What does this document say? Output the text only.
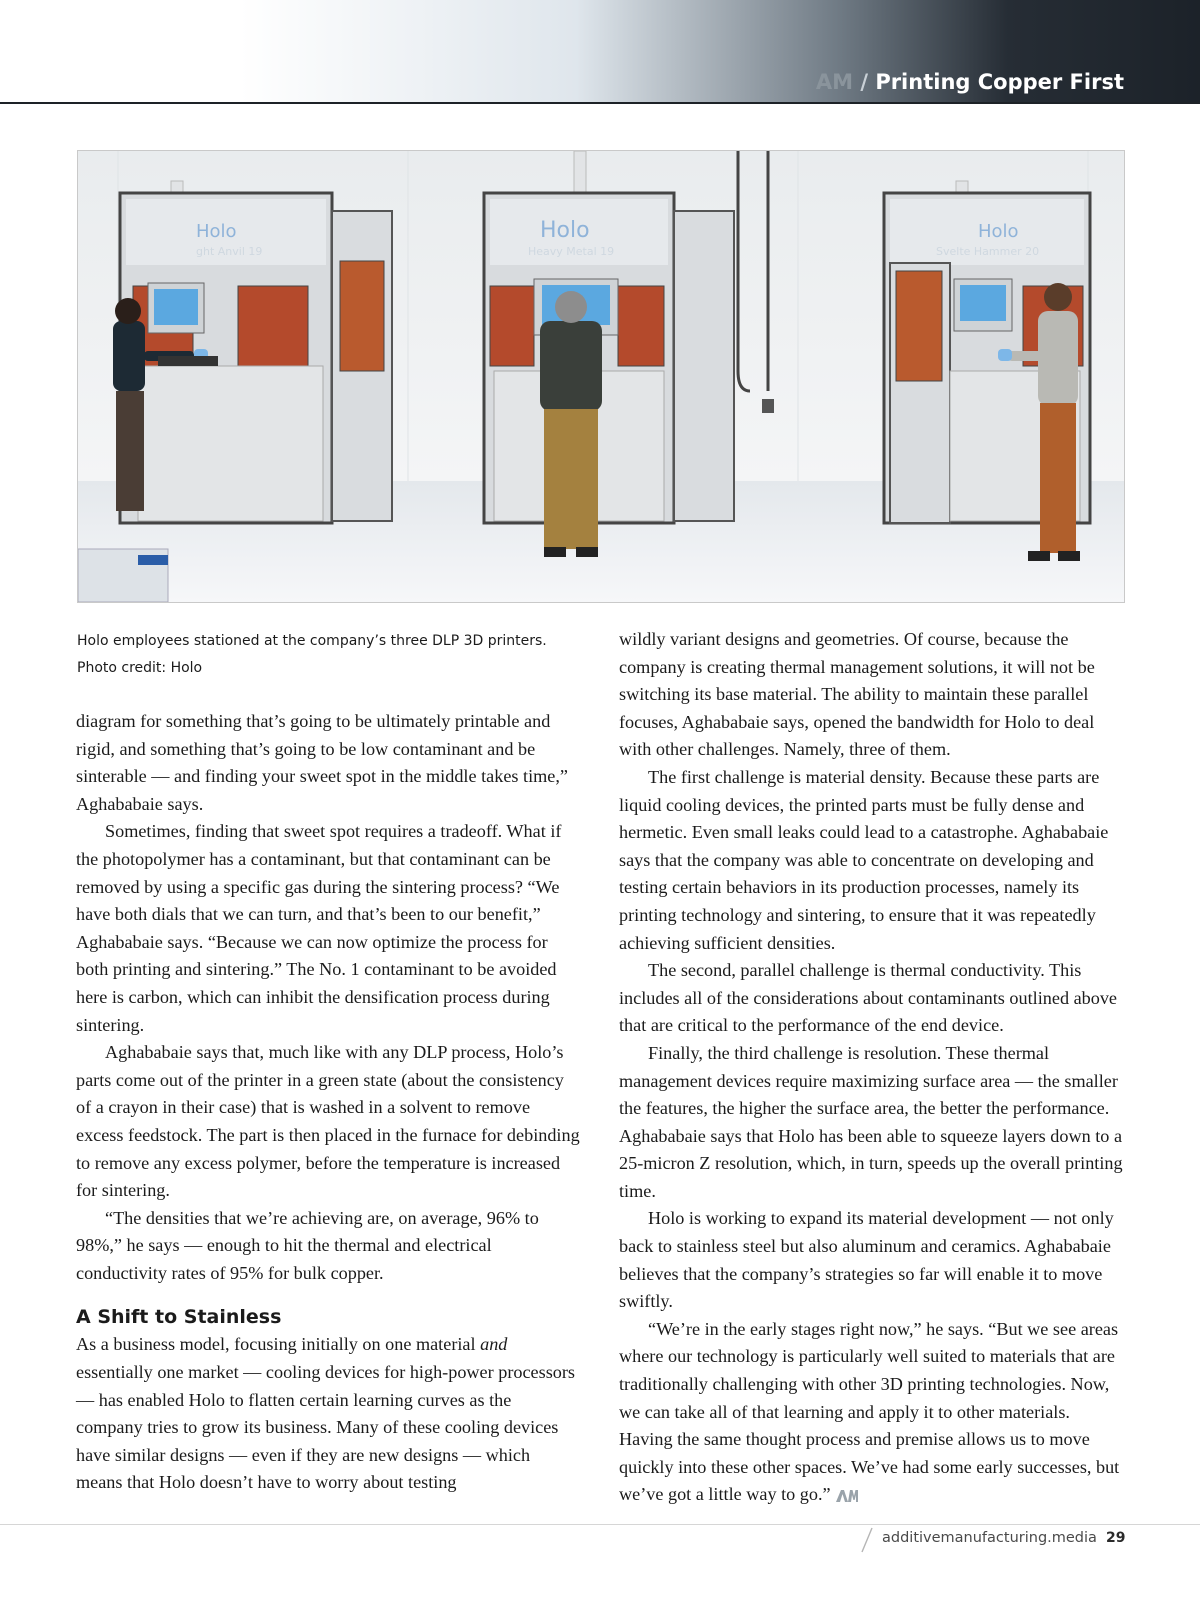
AM / Printing Copper First
Holo
ght Anvil 19
Holo
Heavy Metal 19
Holo
Svelte Hammer 20
Holo employees stationed at the company’s three DLP 3D printers. Photo credit: Holo

diagram for something that’s going to be ultimately printable and rigid, and something that’s going to be low contaminant and be sinterable — and finding your sweet spot in the middle takes time,” Aghababaie says.

Sometimes, finding that sweet spot requires a tradeoff. What if the photopolymer has a contaminant, but that contaminant can be removed by using a specific gas during the sintering process? “We have both dials that we can turn, and that’s been to our benefit,” Aghababaie says. “Because we can now optimize the process for both printing and sintering.” The No. 1 contaminant to be avoided here is carbon, which can inhibit the densification process during sintering.

Aghababaie says that, much like with any DLP process, Holo’s parts come out of the printer in a green state (about the consistency of a crayon in their case) that is washed in a solvent to remove excess feedstock. The part is then placed in the furnace for debinding to remove any excess polymer, before the temperature is increased for sintering.

“The densities that we’re achieving are, on average, 96% to 98%,” he says — enough to hit the thermal and electrical conductivity rates of 95% for bulk copper.

A Shift to Stainless

As a business model, focusing initially on one material and essentially one market — cooling devices for high-power processors — has enabled Holo to flatten certain learning curves as the company tries to grow its business. Many of these cooling devices have similar designs — even if they are new designs — which means that Holo doesn’t have to worry about testing

wildly variant designs and geometries. Of course, because the company is creating thermal management solutions, it will not be switching its base material. The ability to maintain these parallel focuses, Aghababaie says, opened the bandwidth for Holo to deal with other challenges. Namely, three of them.

The first challenge is material density. Because these parts are liquid cooling devices, the printed parts must be fully dense and hermetic. Even small leaks could lead to a catastrophe. Aghababaie says that the company was able to concentrate on developing and testing certain behaviors in its production processes, namely its printing technology and sintering, to ensure that it was repeatedly achieving sufficient densities.

The second, parallel challenge is thermal conductivity. This includes all of the considerations about contaminants outlined above that are critical to the performance of the end device.

Finally, the third challenge is resolution. These thermal management devices require maximizing surface area — the smaller the features, the higher the surface area, the better the performance. Aghababaie says that Holo has been able to squeeze layers down to a 25-micron Z resolution, which, in turn, speeds up the overall printing time.

Holo is working to expand its material development — not only back to stainless steel but also aluminum and ceramics. Aghababaie believes that the company’s strategies so far will enable it to move swiftly.

“We’re in the early stages right now,” he says. “But we see areas where our technology is particularly well suited to materials that are traditionally challenging with other 3D printing technologies. Now, we can take all of that learning and apply it to other materials. Having the same thought process and premise allows us to move quickly into these other spaces. We’ve had some early successes, but we’ve got a little way to go.”

additivemanufacturing.media 29
